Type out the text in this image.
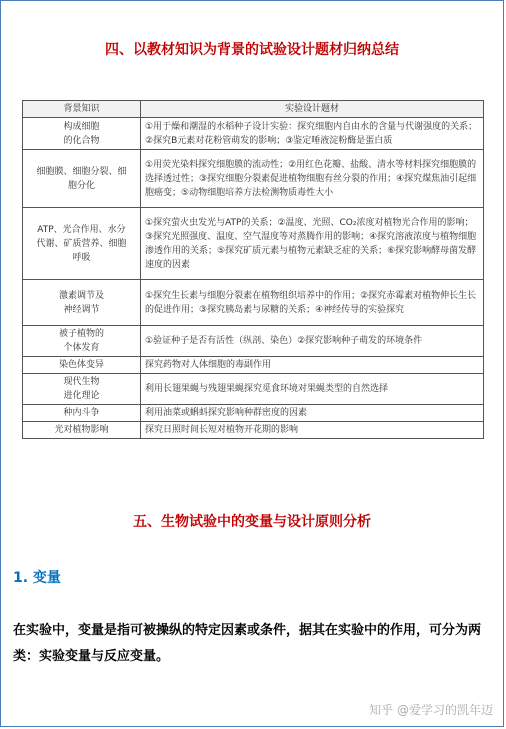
四、以教材知识为背景的试验设计题材归纳总结
背景知识	实验设计题材
构成细胞
的化合物	①用于燥和潮湿的水稻种子设计实验：探究细胞内自由水的含量与代谢强度的关系；②探究B元素对花粉管萌发的影响；③鉴定唾液淀粉酶是蛋白质
细胞膜、细胞分裂、细
胞分化	①用荧光染料探究细胞膜的流动性；②用红色花瓣、盐酸、清水等材料探究细胞膜的选择透过性；③探究细胞分裂素促进植物细胞有丝分裂的作用；④探究煤焦油引起细胞癌变；⑤动物细胞培养方法检测物质毒性大小
ATP、光合作用、水分
代谢、矿质营养、细胞
呼吸	①探究萤火虫发光与ATP的关系；②温度、光照、CO₂浓度对植物光合作用的影响；③探究光照强度、温度、空气湿度等对蒸腾作用的影响；④探究溶液浓度与植物细胞渗透作用的关系；⑤探究矿质元素与植物元素缺乏症的关系；⑥探究影响酵母菌发酵速度的因素
激素调节及
神经调节	①探究生长素与细胞分裂素在植物组织培养中的作用；②探究赤霉素对植物伸长生长的促进作用；③探究胰岛素与尿糖的关系；④神经传导的实验探究
被子植物的
个体发育	①验证种子是否有活性（纵剖、染色）②探究影响种子萌发的环境条件
染色体变异	探究药物对人体细胞的毒副作用
现代生物
进化理论	利用长翅果蝇与残翅果蝇探究觅食环境对果蝇类型的自然选择
种内斗争	利用油菜或蝌蚪探究影响种群密度的因素
光对植物影响	探究日照时间长短对植物开花期的影响
五、生物试验中的变量与设计原则分析
1. 变量

在实验中，变量是指可被操纵的特定因素或条件，据其在实验中的作用，可分为两类：实验变量与反应变量。

知乎 @爱学习的凯年迈
